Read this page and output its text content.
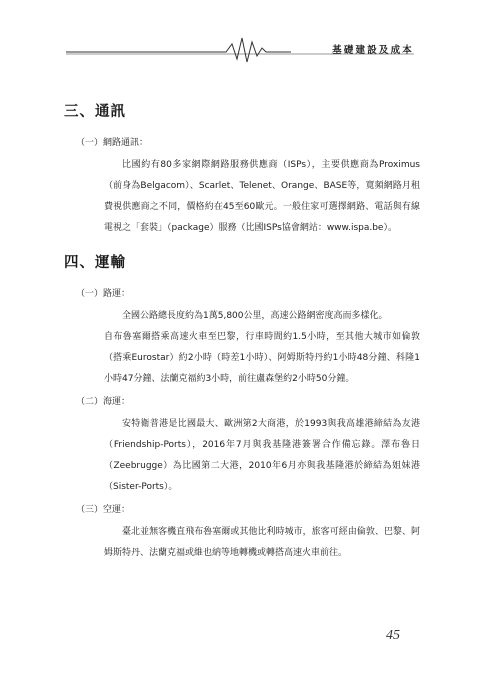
基礎建設及成本
三、通訊
（一）網路通訊：

比國約有80多家網際網路服務供應商（ISPs），主要供應商為Proximus（前身為Belgacom）、Scarlet、Telenet、Orange、BASE等，寬頻網路月租費視供應商之不同，價格約在45至60歐元。一般住家可選擇網路、電話與有線電視之「套裝」（package）服務（比國ISPs協會網站：www.ispa.be）。

四、運輸
（一）路運：

全國公路總長度約為1萬5,800公里，高速公路網密度高而多樣化。

自布魯塞爾搭乘高速火車至巴黎，行車時間約1.5小時，至其他大城市如倫敦（搭乘Eurostar）約2小時（時差1小時）、阿姆斯特丹約1小時48分鐘、科隆1小時47分鐘、法蘭克福約3小時，前往盧森堡約2小時50分鐘。

（二）海運：

安特衛普港是比國最大、歐洲第2大商港，於1993與我高雄港締結為友港（Friendship-Ports），2016年7月與我基隆港簽署合作備忘錄。澤布魯日（Zeebrugge）為比國第二大港，2010年6月亦與我基隆港於締結為姐妹港（Sister-Ports）。

（三）空運：

臺北並無客機直飛布魯塞爾或其他比利時城市，旅客可經由倫敦、巴黎、阿姆斯特丹、法蘭克福或維也納等地轉機或轉搭高速火車前往。

45
